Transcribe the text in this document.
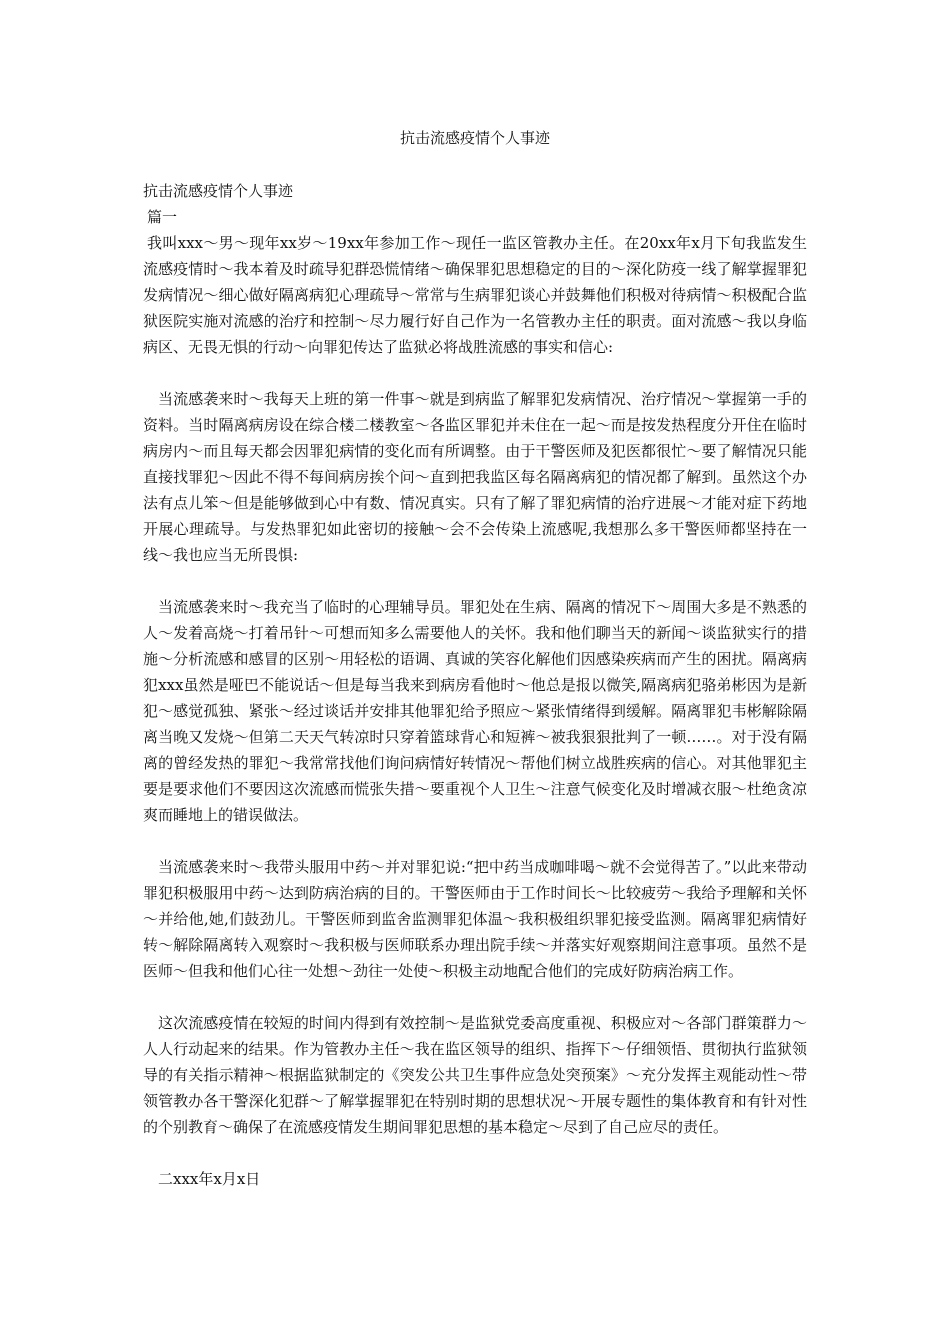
抗击流感疫情个人事迹
抗击流感疫情个人事迹
篇一

我叫xxx～男～现年xx岁～19xx年参加工作～现任一监区管教办主任。在20xx年x月下旬我监发生流感疫情时～我本着及时疏导犯群恐慌情绪～确保罪犯思想稳定的目的～深化防疫一线了解掌握罪犯发病情况～细心做好隔离病犯心理疏导～常常与生病罪犯谈心并鼓舞他们积极对待病情～积极配合监狱医院实施对流感的治疗和控制～尽力履行好自己作为一名管教办主任的职责。面对流感～我以身临病区、无畏无惧的行动～向罪犯传达了监狱必将战胜流感的事实和信心:

当流感袭来时～我每天上班的第一件事～就是到病监了解罪犯发病情况、治疗情况～掌握第一手的资料。当时隔离病房设在综合楼二楼教室～各监区罪犯并未住在一起～而是按发热程度分开住在临时病房内～而且每天都会因罪犯病情的变化而有所调整。由于干警医师及犯医都很忙～要了解情况只能直接找罪犯～因此不得不每间病房挨个问～直到把我监区每名隔离病犯的情况都了解到。虽然这个办法有点儿笨～但是能够做到心中有数、情况真实。只有了解了罪犯病情的治疗进展～才能对症下药地开展心理疏导。与发热罪犯如此密切的接触～会不会传染上流感呢,我想那么多干警医师都坚持在一线～我也应当无所畏惧:

当流感袭来时～我充当了临时的心理辅导员。罪犯处在生病、隔离的情况下～周围大多是不熟悉的人～发着高烧～打着吊针～可想而知多么需要他人的关怀。我和他们聊当天的新闻～谈监狱实行的措施～分析流感和感冒的区别～用轻松的语调、真诚的笑容化解他们因感染疾病而产生的困扰。隔离病犯xxx虽然是哑巴不能说话～但是每当我来到病房看他时～他总是报以微笑,隔离病犯骆弟彬因为是新犯～感觉孤独、紧张～经过谈话并安排其他罪犯给予照应～紧张情绪得到缓解。隔离罪犯韦彬解除隔离当晚又发烧～但第二天天气转凉时只穿着篮球背心和短裤～被我狠狠批判了一顿……。对于没有隔离的曾经发热的罪犯～我常常找他们询问病情好转情况～帮他们树立战胜疾病的信心。对其他罪犯主要是要求他们不要因这次流感而慌张失措～要重视个人卫生～注意气候变化及时增减衣服～杜绝贪凉爽而睡地上的错误做法。

当流感袭来时～我带头服用中药～并对罪犯说:“把中药当成咖啡喝～就不会觉得苦了。”以此来带动罪犯积极服用中药～达到防病治病的目的。干警医师由于工作时间长～比较疲劳～我给予理解和关怀～并给他,她,们鼓劲儿。干警医师到监舍监测罪犯体温～我积极组织罪犯接受监测。隔离罪犯病情好转～解除隔离转入观察时～我积极与医师联系办理出院手续～并落实好观察期间注意事项。虽然不是医师～但我和他们心往一处想～劲往一处使～积极主动地配合他们的完成好防病治病工作。

这次流感疫情在较短的时间内得到有效控制～是监狱党委高度重视、积极应对～各部门群策群力～人人行动起来的结果。作为管教办主任～我在监区领导的组织、指挥下～仔细领悟、贯彻执行监狱领导的有关指示精神～根据监狱制定的《突发公共卫生事件应急处突预案》～充分发挥主观能动性～带领管教办各干警深化犯群～了解掌握罪犯在特别时期的思想状况～开展专题性的集体教育和有针对性的个别教育～确保了在流感疫情发生期间罪犯思想的基本稳定～尽到了自己应尽的责任。

二xxx年x月x日
